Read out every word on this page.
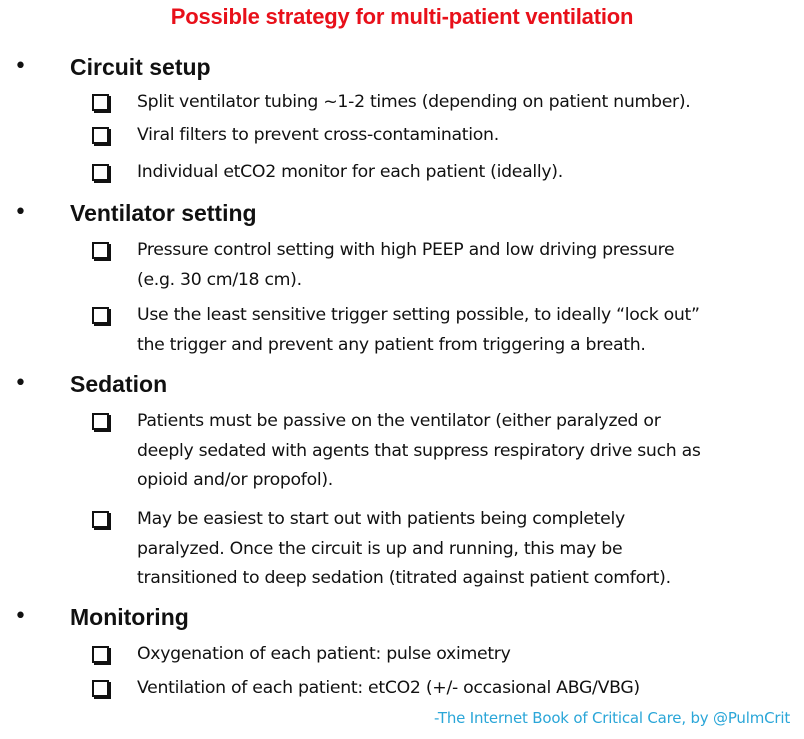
Possible strategy for multi-patient ventilation
• Circuit setup
Split ventilator tubing ~1-2 times (depending on patient number).
Viral filters to prevent cross-contamination.
Individual etCO2 monitor for each patient (ideally).
• Ventilator setting
Pressure control setting with high PEEP and low driving pressure
(e.g. 30 cm/18 cm).
Use the least sensitive trigger setting possible, to ideally “lock out”
the trigger and prevent any patient from triggering a breath.
• Sedation
Patients must be passive on the ventilator (either paralyzed or
deeply sedated with agents that suppress respiratory drive such as
opioid and/or propofol).
May be easiest to start out with patients being completely
paralyzed. Once the circuit is up and running, this may be
transitioned to deep sedation (titrated against patient comfort).
• Monitoring
Oxygenation of each patient: pulse oximetry
Ventilation of each patient: etCO2 (+/- occasional ABG/VBG)
-The Internet Book of Critical Care, by @PulmCrit
